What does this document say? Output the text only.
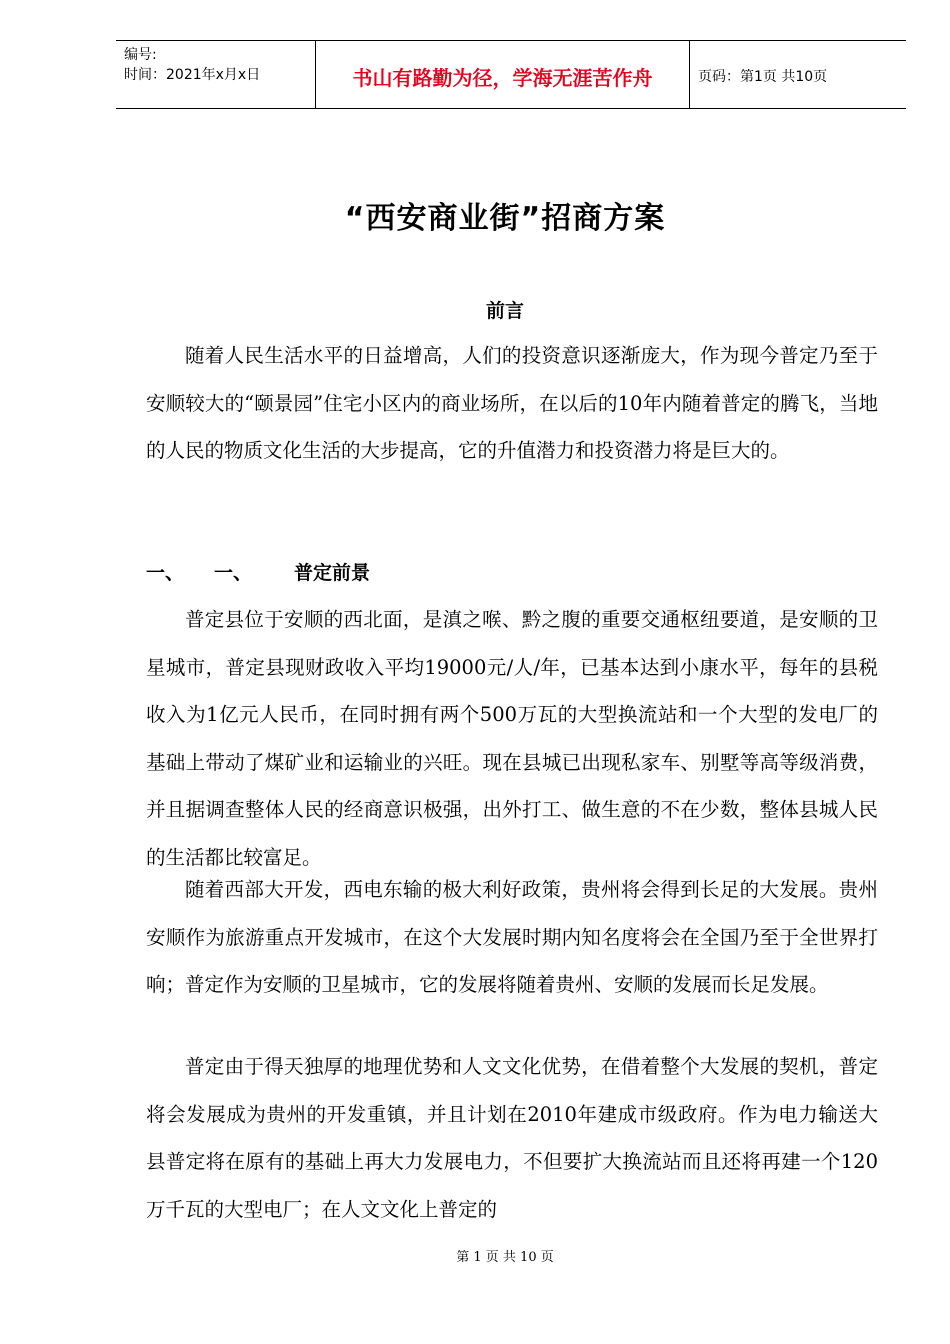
编号:
时间：2021年x月x日	书山有路勤为径，学海无涯苦作舟	页码：第1页 共10页
“西安商业街”招商方案
前言

随着人民生活水平的日益增高，人们的投资意识逐渐庞大，作为现今普定乃至于安顺较大的“颐景园”住宅小区内的商业场所，在以后的10年内随着普定的腾飞，当地的人民的物质文化生活的大步提高，它的升值潜力和投资潜力将是巨大的。

一、	一、	普定前景

普定县位于安顺的西北面，是滇之喉、黔之腹的重要交通枢纽要道，是安顺的卫星城市，普定县现财政收入平均19000元/人/年，已基本达到小康水平，每年的县税收入为1亿元人民币，在同时拥有两个500万瓦的大型换流站和一个大型的发电厂的基础上带动了煤矿业和运输业的兴旺。现在县城已出现私家车、别墅等高等级消费，并且据调查整体人民的经商意识极强，出外打工、做生意的不在少数，整体县城人民的生活都比较富足。

随着西部大开发，西电东输的极大利好政策，贵州将会得到长足的大发展。贵州安顺作为旅游重点开发城市，在这个大发展时期内知名度将会在全国乃至于全世界打响；普定作为安顺的卫星城市，它的发展将随着贵州、安顺的发展而长足发展。

普定由于得天独厚的地理优势和人文文化优势，在借着整个大发展的契机，普定将会发展成为贵州的开发重镇，并且计划在2010年建成市级政府。作为电力输送大县普定将在原有的基础上再大力发展电力，不但要扩大换流站而且还将再建一个120万千瓦的大型电厂；在人文文化上普定的

第 1 页 共 10 页
